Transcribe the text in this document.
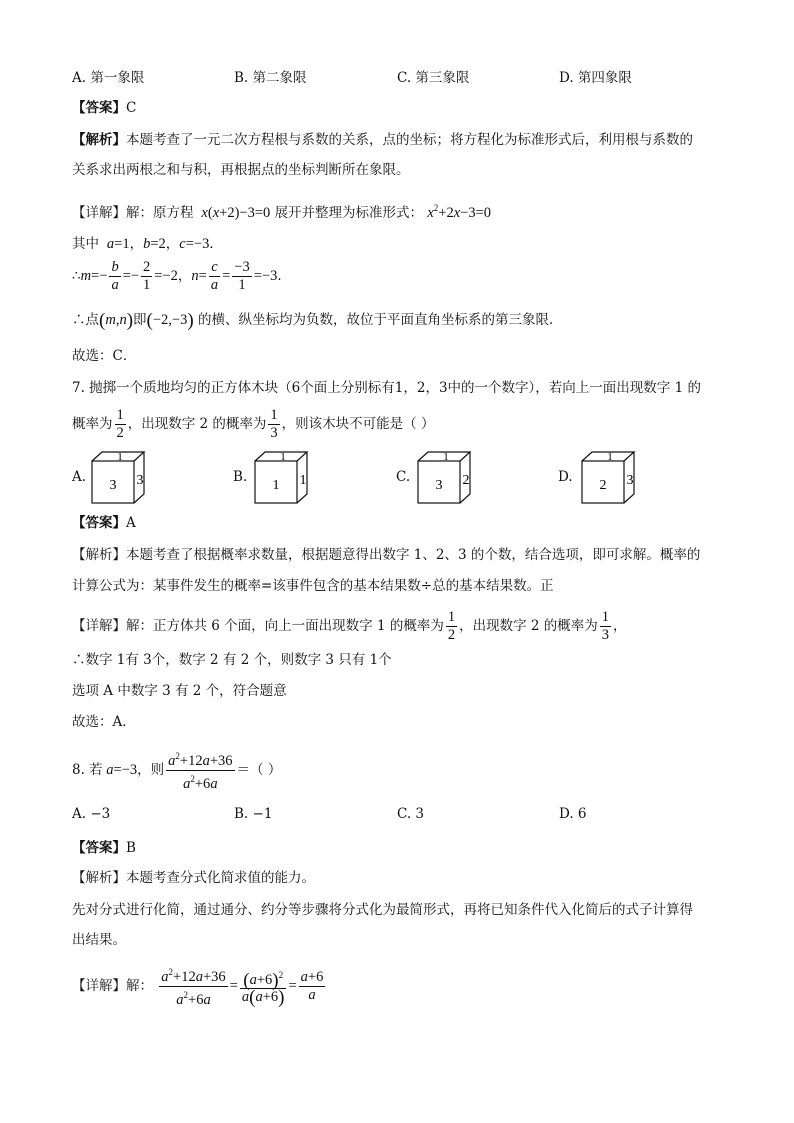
A. 第一象限	B. 第二象限	C. 第三象限	D. 第四象限
【答案】C
【解析】本题考查了一元二次方程根与系数的关系，点的坐标；将方程化为标准形式后，利用根与系数的
关系求出两根之和与积，再根据点的坐标判断所在象限。
【详解】解：原方程  x(x+2)−3=0 展开并整理为标准形式： $x^2+2x-3=0$
其中  a=1，b=2，c=−3．
∴m=− $\frac{b}{a} =- \frac{2}{1} =-2$，$n= \frac{c}{a} = \frac{-3}{1} =-3$．
∴点(m,n)即(−2,−3) 的横、纵坐标均为负数，故位于平面直角坐标系的第三象限．
故选：C．
7. 抛掷一个质地均匀的正方体木块（6个面上分别标有1，2，3中的一个数字），若向上一面出现数字 1 的
概率为 $\frac{1}{2}$ ，出现数字 2 的概率为 $\frac{1}{3}$ ，则该木块不可能是（ ）
A.
3
1
3	B.
1
1
1	C.
3
1
2	D.
2
1
3
【答案】A
【解析】本题考查了根据概率求数量，根据题意得出数字 1、2、3 的个数，结合选项，即可求解。概率的
计算公式为：某事件发生的概率=该事件包含的基本结果数÷总的基本结果数。正
【详解】解：正方体共 6 个面，向上一面出现数字 1 的概率为 $\frac{1}{2}$ ，出现数字 2 的概率为 $\frac{1}{3}$ ，
∴数字 1有 3个，数字 2 有 2 个，则数字 3 只有 1个
选项 A 中数字 3 有 2 个，符合题意
故选：A．
8. 若 a=−3，则 $\frac{a^2+12a+36}{a^2+6a}$ ＝（ ）
A. −3	B. −1	C. 3	D. 6
【答案】B
【解析】本题考查分式化简求值的能力。
先对分式进行化简，通过通分、约分等步骤将分式化为最简形式，再将已知条件代入化简后的式子计算得
出结果。
【详解】解： $\frac{a^2+12a+36}{a^2+6a} = \frac{(a+6)^2}{a(a+6)} = \frac{a+6}{a}$
